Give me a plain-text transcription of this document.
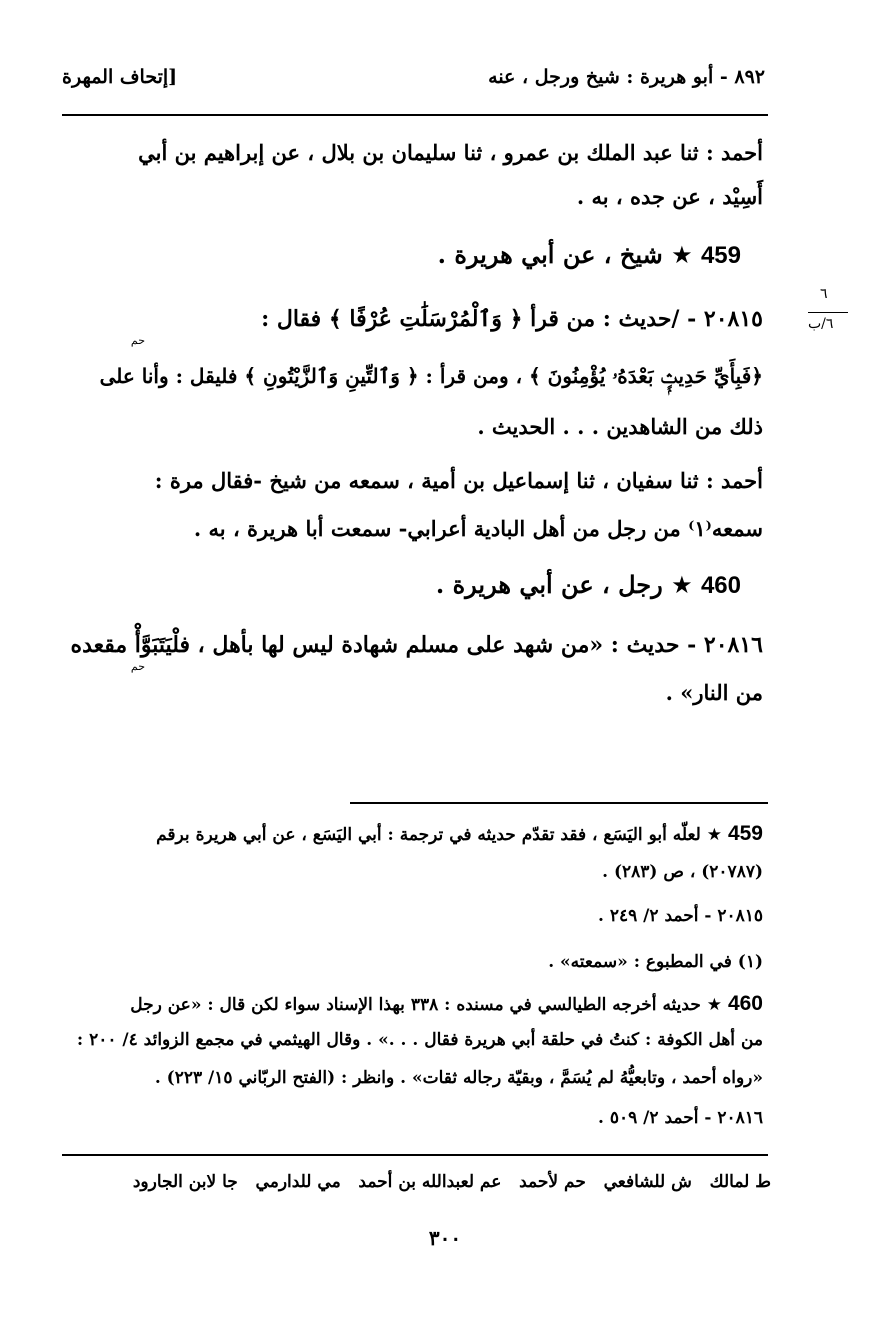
٨٩٢ - أبو هريرة : شيخ ورجل ، عنه
[إتحاف المهرة
٦
٦/ب
أحمد : ثنا عبد الملك بن عمرو ، ثنا سليمان بن بلال ، عن إبراهيم بن أبي
أَسِيْد ، عن جده ، به .
459 ★ شيخ ، عن أبي هريرة .
٢٠٨١٥ - /حديث : من قرأ ﴿ وَٱلْمُرْسَلَٰتِ عُرْفًا ﴾ فقال :
حم
﴿فَبِأَيِّ حَدِيثٍۭ بَعْدَهُۥ يُؤْمِنُونَ ﴾ ، ومن قرأ : ﴿ وَٱلتِّينِ وَٱلزَّيْتُونِ ﴾ فليقل : وأنا على
ذلك من الشاهدين . . . الحديث .
أحمد : ثنا سفيان ، ثنا إسماعيل بن أمية ، سمعه من شيخ -فقال مرة :
سمعه⁽١⁾ من رجل من أهل البادية أعرابي- سمعت أبا هريرة ، به .
460 ★ رجل ، عن أبي هريرة .
٢٠٨١٦ - حديث : «من شهد على مسلم شهادة ليس لها بأهل ، فلْيَتَبَوَّأْ مقعده
حم
من النار» .
459 ★ لعلّه أبو اليَسَع ، فقد تقدّم حديثه في ترجمة : أبي اليَسَع ، عن أبي هريرة برقم
(٢٠٧٨٧) ، ص (٢٨٣) .
٢٠٨١٥ - أحمد ٢/ ٢٤٩ .
(١) في المطبوع : «سمعته» .
460 ★ حديثه أخرجه الطيالسي في مسنده : ٣٣٨ بهذا الإسناد سواء لكن قال : «عن رجل
من أهل الكوفة : كنتُ في حلقة أبي هريرة فقال . . .» . وقال الهيثمي في مجمع الزوائد ٤/ ٢٠٠ :
«رواه أحمد ، وتابعيُّهُ لم يُسَمَّ ، وبقيّة رجاله ثقات» . وانظر : (الفتح الربّاني ١٥/ ٢٢٣) .
٢٠٨١٦ - أحمد ٢/ ٥٠٩ .
ط لمالك   ش للشافعي   حم لأحمد   عم لعبدالله بن أحمد   مي للدارمي   جا لابن الجارود
٣٠٠
